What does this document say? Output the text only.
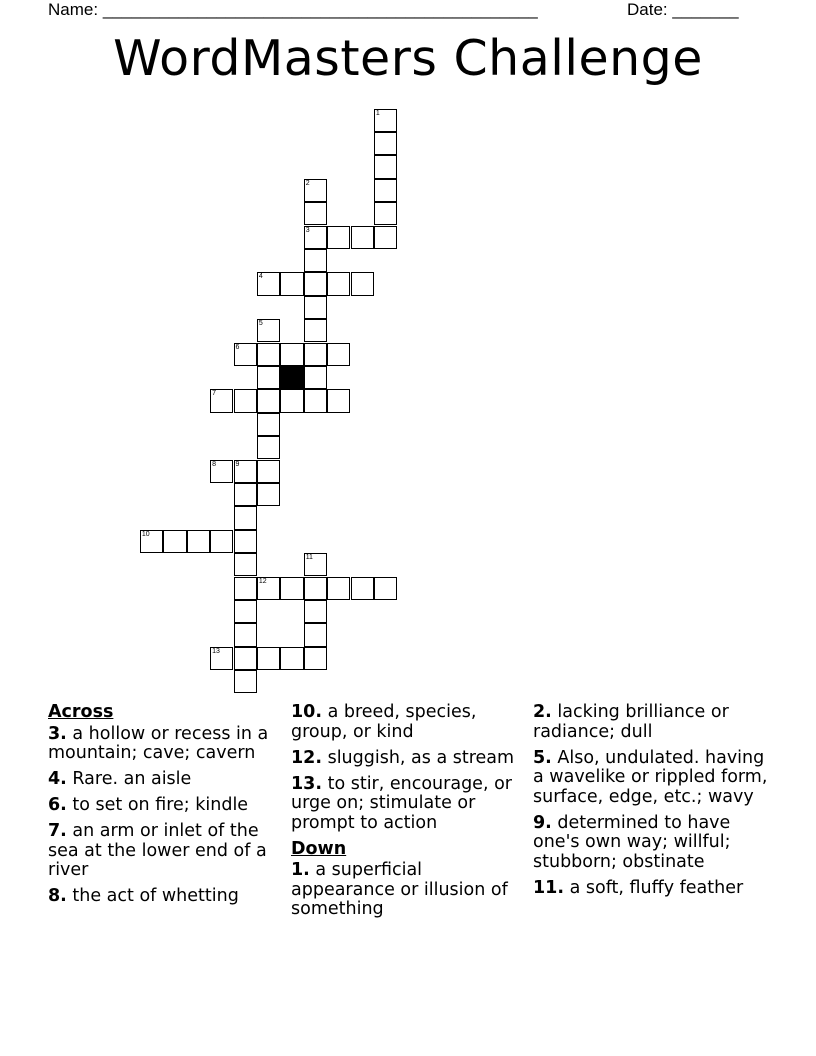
Name: ______________________________________________	Date: _______
WordMasters Challenge
1
2
3
4
5
6
7
8	9
10
11
12
13
Across
3. a hollow or recess in a mountain; cave; cavern
4. Rare. an aisle
6. to set on fire; kindle
7. an arm or inlet of the sea at the lower end of a river
8. the act of whetting
10. a breed, species, group, or kind
12. sluggish, as a stream
13. to stir, encourage, or urge on; stimulate or prompt to action
Down
1. a superficial appearance or illusion of something
2. lacking brilliance or radiance; dull
5. Also, undulated. having a wavelike or rippled form, surface, edge, etc.; wavy
9. determined to have one's own way; willful; stubborn; obstinate
11. a soft, fluffy feather
